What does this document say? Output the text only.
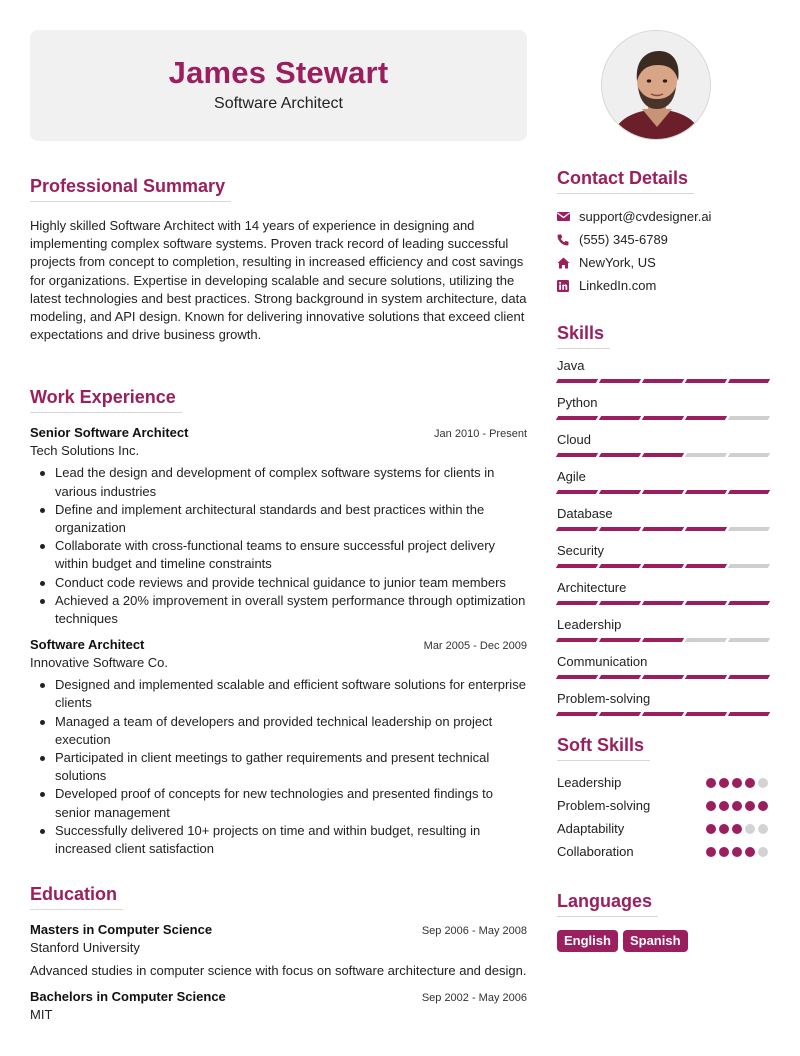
James Stewart
Software Architect
Professional Summary

Highly skilled Software Architect with 14 years of experience in designing and implementing complex software systems. Proven track record of leading successful projects from concept to completion, resulting in increased efficiency and cost savings for organizations. Expertise in developing scalable and secure solutions, utilizing the latest technologies and best practices. Strong background in system architecture, data modeling, and API design. Known for delivering innovative solutions that exceed client expectations and drive business growth.

Work Experience
Senior Software Architect	Jan 2010 - Present
Tech Solutions Inc.
Lead the design and development of complex software systems for clients in various industries
Define and implement architectural standards and best practices within the organization
Collaborate with cross-functional teams to ensure successful project delivery within budget and timeline constraints
Conduct code reviews and provide technical guidance to junior team members
Achieved a 20% improvement in overall system performance through optimization techniques
Software Architect	Mar 2005 - Dec 2009
Innovative Software Co.
Designed and implemented scalable and efficient software solutions for enterprise clients
Managed a team of developers and provided technical leadership on project execution
Participated in client meetings to gather requirements and present technical solutions
Developed proof of concepts for new technologies and presented findings to senior management
Successfully delivered 10+ projects on time and within budget, resulting in increased client satisfaction
Education
Masters in Computer Science	Sep 2006 - May 2008
Stanford University

Advanced studies in computer science with focus on software architecture and design.

Bachelors in Computer Science	Sep 2002 - May 2006
MIT
Contact Details
support@cvdesigner.ai
(555) 345-6789
NewYork, US
LinkedIn.com
Skills
Java
Python
Cloud
Agile
Database
Security
Architecture
Leadership
Communication
Problem-solving
Soft Skills
Leadership
Problem-solving
Adaptability
Collaboration
Languages
English	Spanish
